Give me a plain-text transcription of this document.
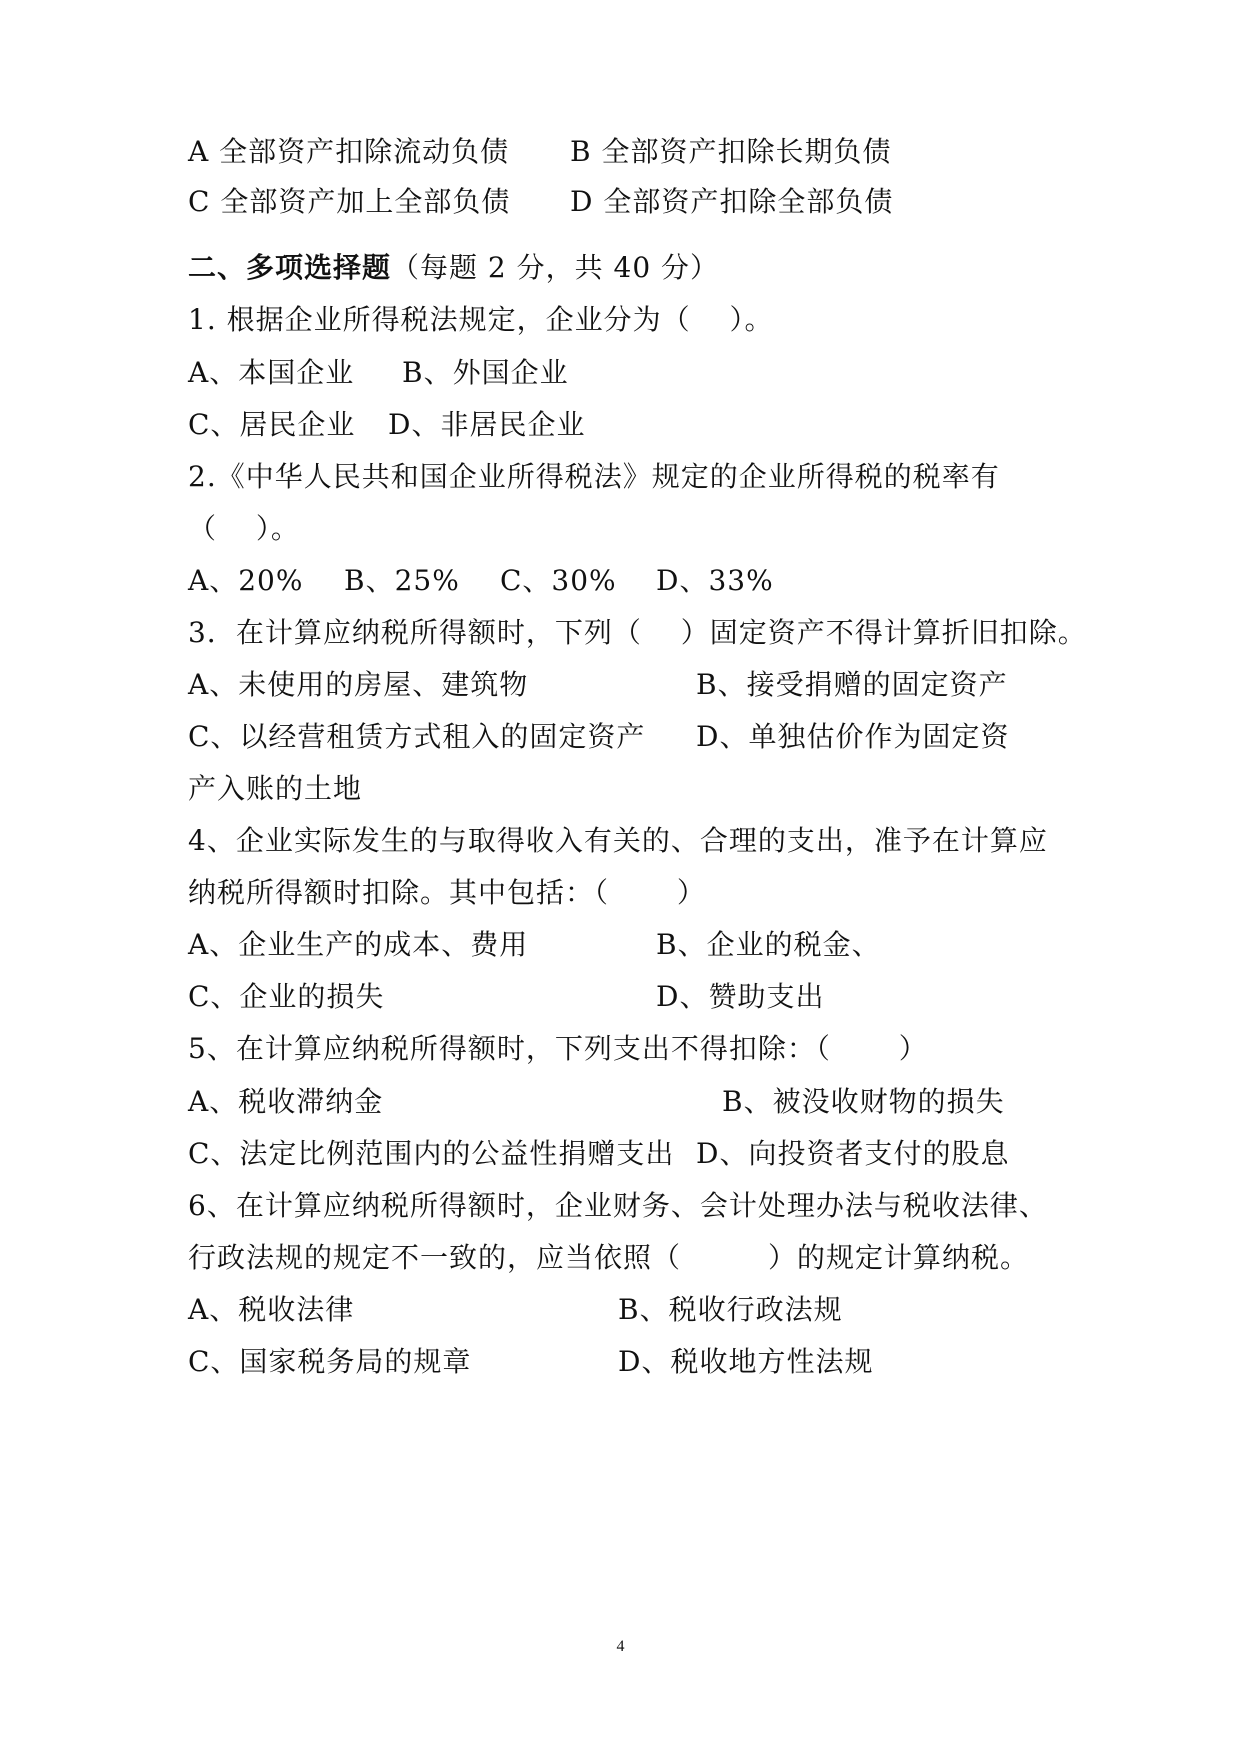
A 全部资产扣除流动负债 B 全部资产扣除长期负债
C 全部资产加上全部负债 D 全部资产扣除全部负债
二、多项选择题（每题 2 分，共 40 分）
1. 根据企业所得税法规定，企业分为（　 ）。
A、本国企业 B、外国企业
C、居民企业 D、非居民企业
2.《中华人民共和国企业所得税法》规定的企业所得税的税率有
（　 ）。
A、20% B、25% C、30% D、33%
3．在计算应纳税所得额时，下列（　 ）固定资产不得计算折旧扣除。
A、未使用的房屋、建筑物	B、接受捐赠的固定资产
C、以经营租赁方式租入的固定资产 D、单独估价作为固定资
产入账的土地
4、企业实际发生的与取得收入有关的、合理的支出，准予在计算应
纳税所得额时扣除。其中包括：（　　 ）
A、企业生产的成本、费用	B、企业的税金、
C、企业的损失	D、赞助支出
5、在计算应纳税所得额时，下列支出不得扣除：（　　 ）
A、税收滞纳金	B、被没收财物的损失
C、法定比例范围内的公益性捐赠支出 D、向投资者支付的股息
6、在计算应纳税所得额时，企业财务、会计处理办法与税收法律、
行政法规的规定不一致的，应当依照（　　　）的规定计算纳税。
A、税收法律	B、税收行政法规
C、国家税务局的规章	D、税收地方性法规
4
